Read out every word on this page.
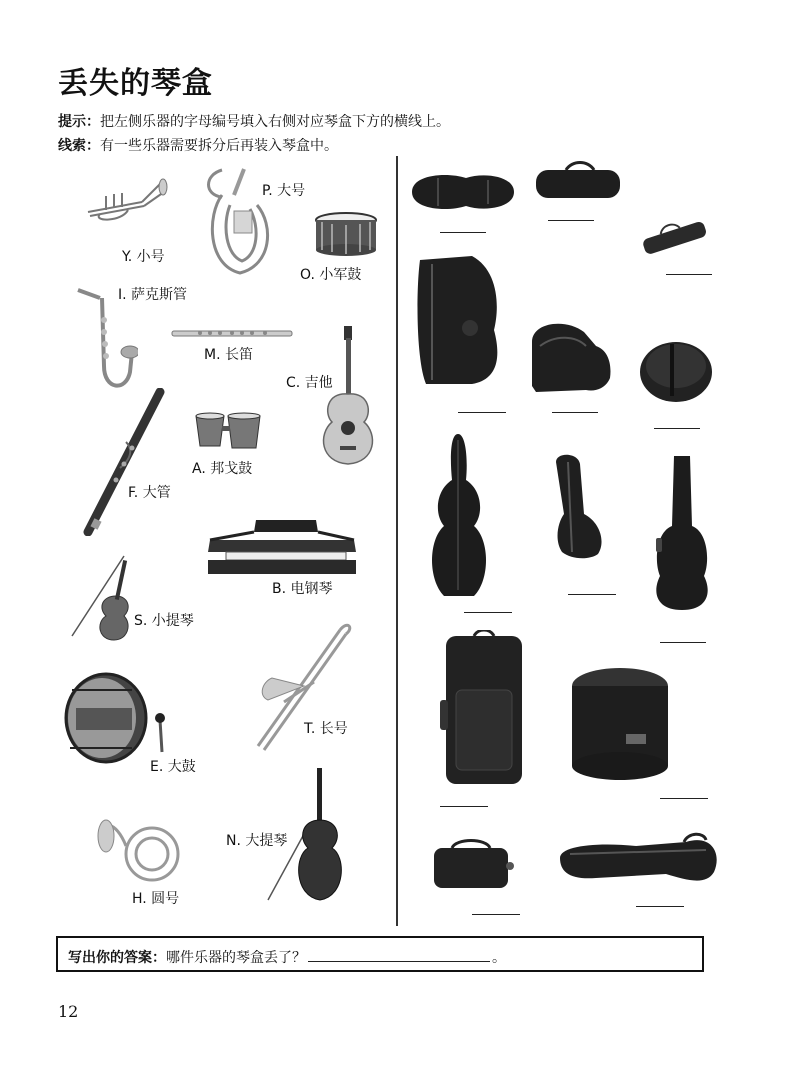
丢失的琴盒
提示：把左侧乐器的字母编号填入右侧对应琴盒下方的横线上。
线索：有一些乐器需要拆分后再装入琴盒中。
Y. 小号
P. 大号
O. 小军鼓
I. 萨克斯管
M. 长笛
C. 吉他
A. 邦戈鼓
F. 大管
B. 电钢琴
S. 小提琴
T. 长号
E. 大鼓
N. 大提琴
H. 圆号
写出你的答案：哪件乐器的琴盒丢了？	。
12
